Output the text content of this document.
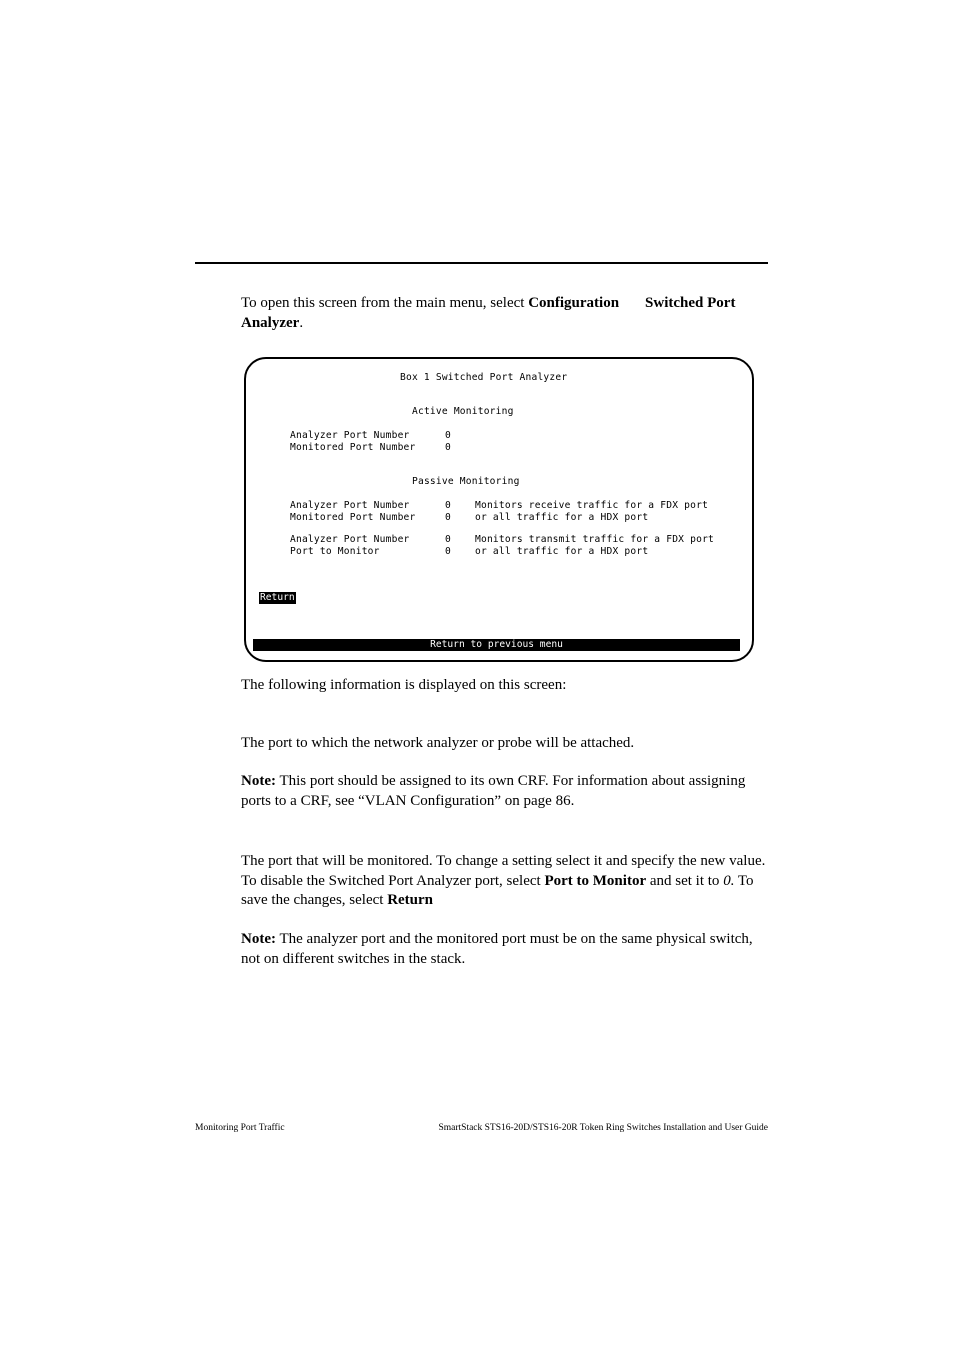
To open this screen from the main menu, select Configuration Switched Port Analyzer.
Box 1 Switched Port Analyzer
Active Monitoring
Analyzer Port Number	0
Monitored Port Number	0
Passive Monitoring
Analyzer Port Number	0	Monitors receive traffic for a FDX port
Monitored Port Number	0	or all traffic for a HDX port
Analyzer Port Number	0	Monitors transmit traffic for a FDX port
Port to Monitor	0	or all traffic for a HDX port
Return
Return to previous menu
The following information is displayed on this screen:
The port to which the network analyzer or probe will be attached.
Note: This port should be assigned to its own CRF. For information about assigning ports to a CRF, see “VLAN Configuration” on page 86.
The port that will be monitored. To change a setting select it and specify the new value. To disable the Switched Port Analyzer port, select Port to Monitor and set it to 0. To save the changes, select Return
Note: The analyzer port and the monitored port must be on the same physical switch, not on different switches in the stack.
Monitoring Port Traffic	SmartStack STS16-20D/STS16-20R Token Ring Switches Installation and User Guide
